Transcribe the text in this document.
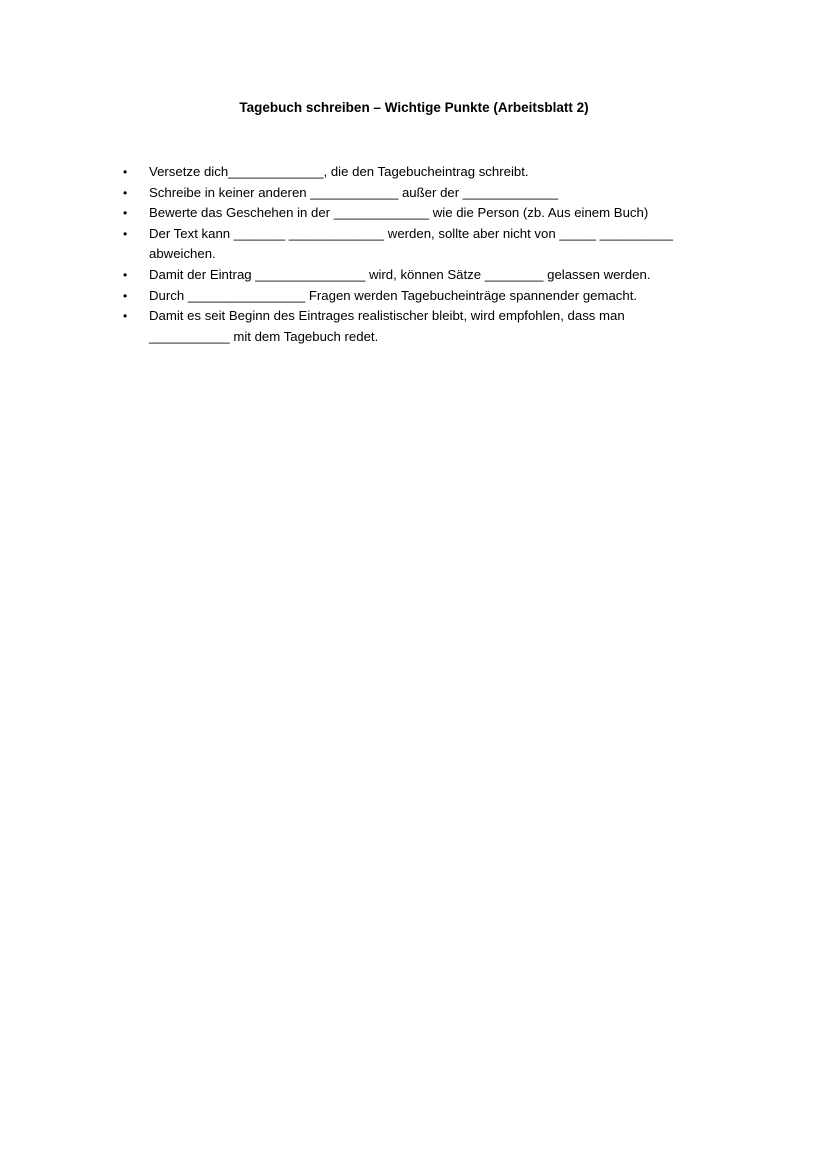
Tagebuch schreiben – Wichtige Punkte (Arbeitsblatt 2)
• Versetze dich_____________, die den Tagebucheintrag schreibt.
• Schreibe in keiner anderen ____________ außer der _____________
• Bewerte das Geschehen in der _____________ wie die Person (zb. Aus einem Buch)
• Der Text kann _______ _____________ werden, sollte aber nicht von _____ __________
abweichen.
• Damit der Eintrag _______________ wird, können Sätze ________ gelassen werden.
• Durch ________________ Fragen werden Tagebucheinträge spannender gemacht.
• Damit es seit Beginn des Eintrages realistischer bleibt, wird empfohlen, dass man
___________ mit dem Tagebuch redet.
